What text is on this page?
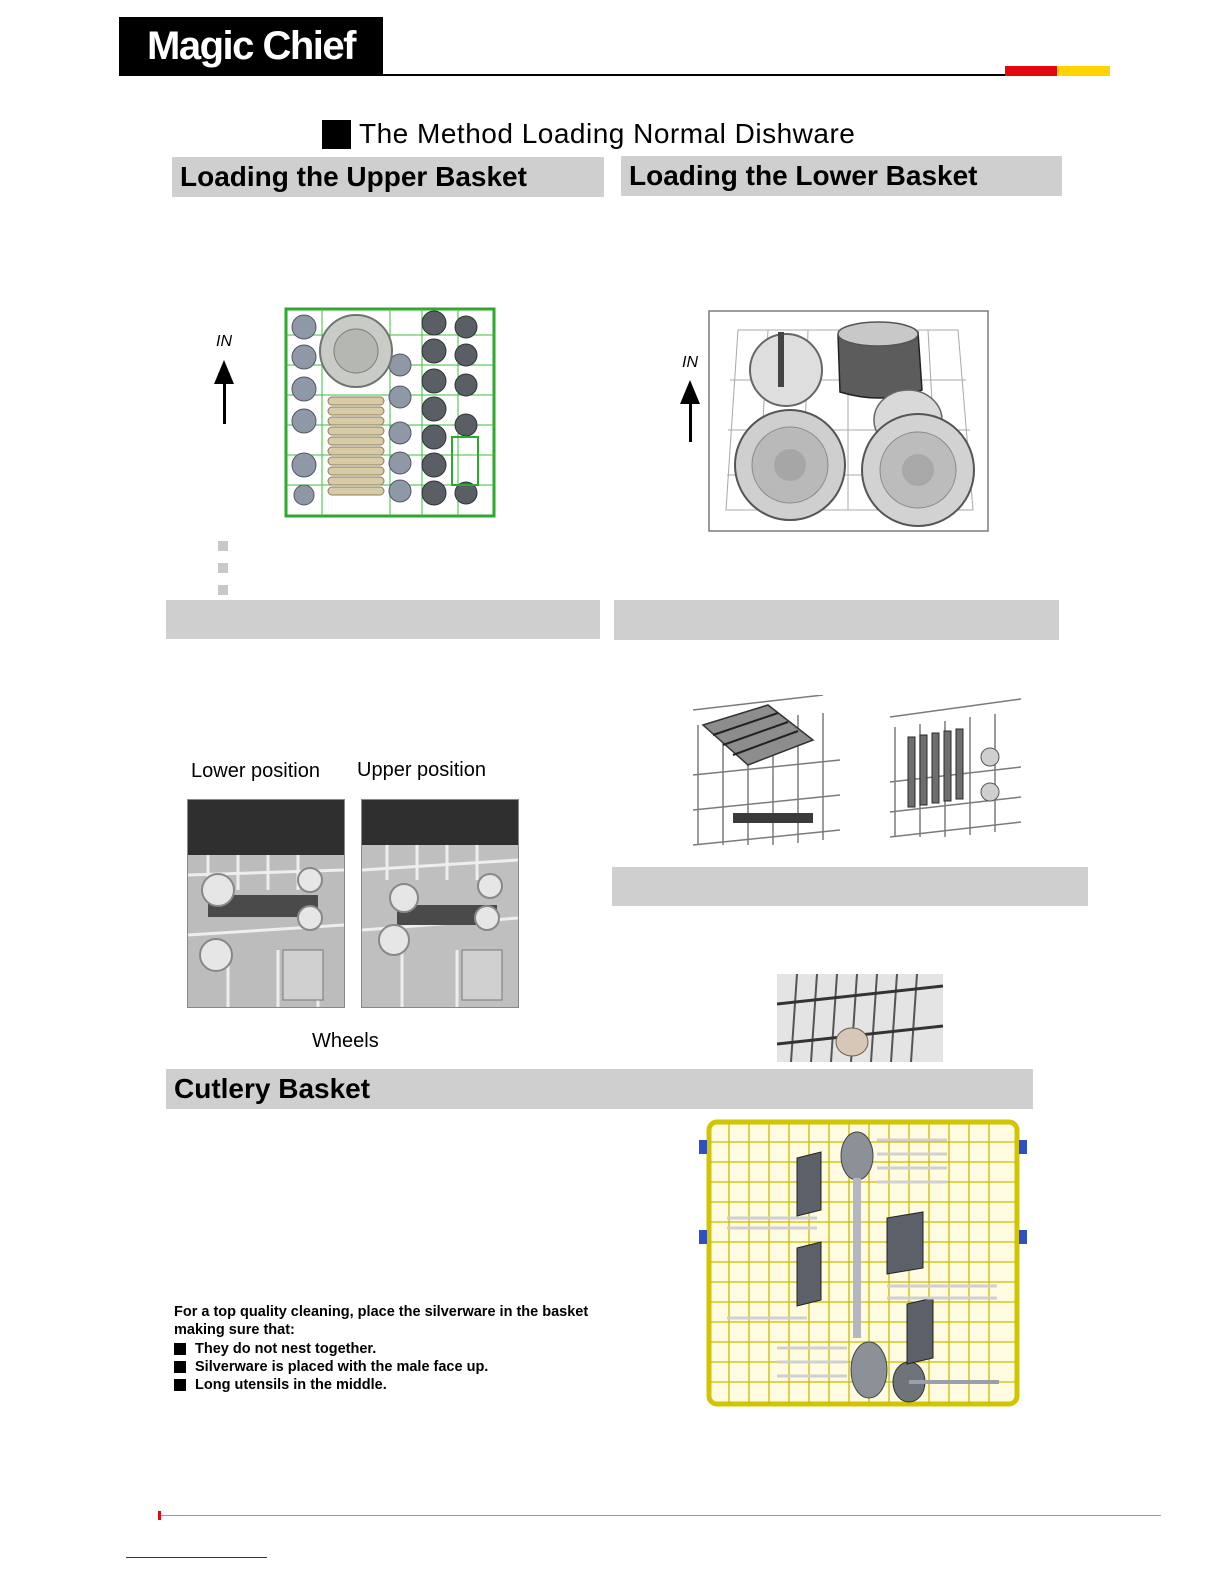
Magic Chief
The Method Loading Normal Dishware
Loading the Upper Basket	Loading the Lower Basket
IN
IN
Lower position Upper position
Wheels
Cutlery Basket
For a top quality cleaning, place the silverware in the basket making sure that:
They do not nest together.
Silverware is placed with the male face up.
Long utensils in the middle.
